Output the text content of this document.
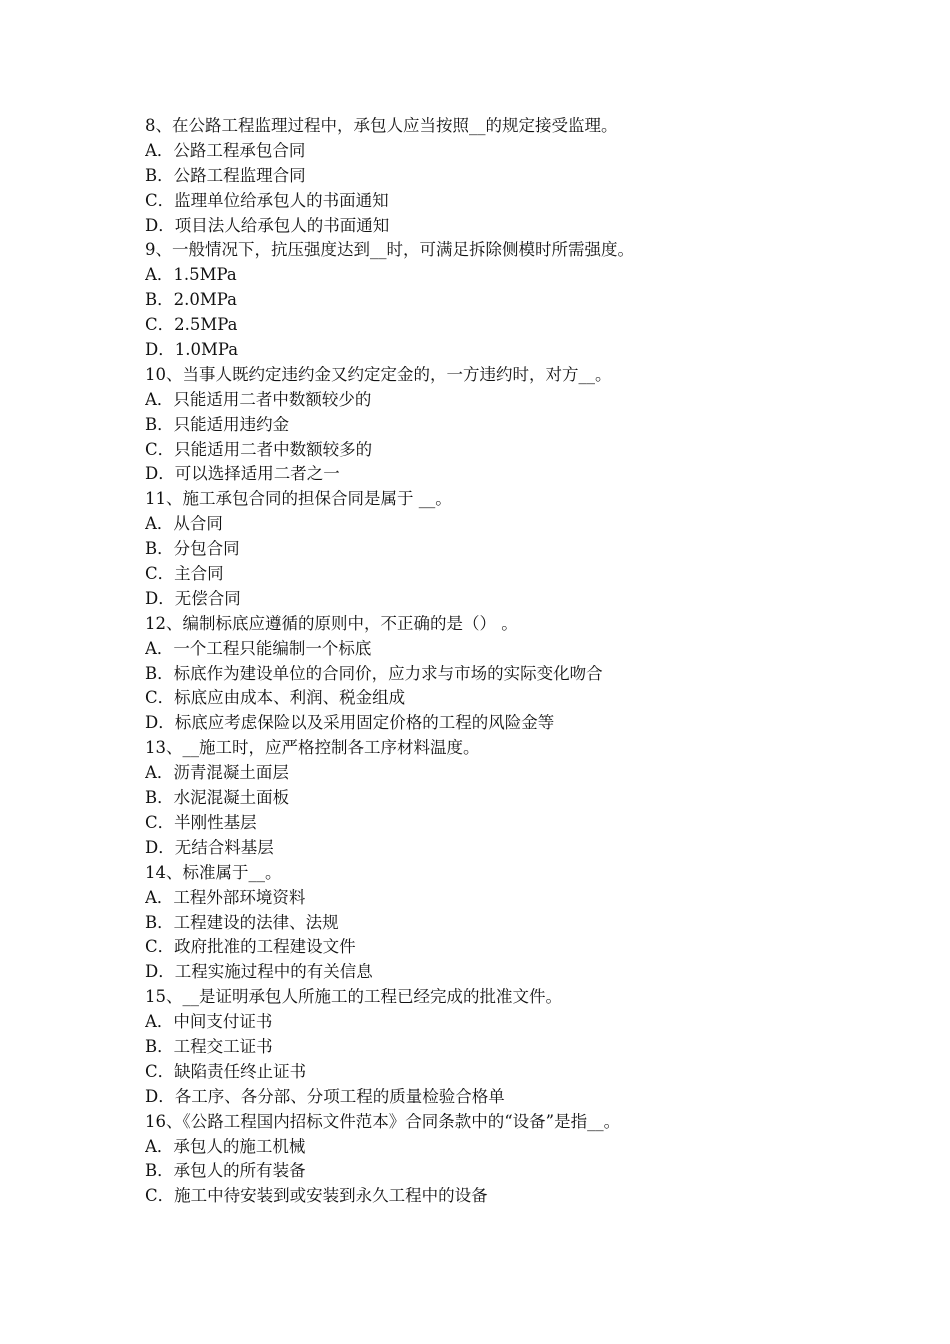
8、在公路工程监理过程中，承包人应当按照__的规定接受监理。
A．公路工程承包合同
B．公路工程监理合同
C．监理单位给承包人的书面通知
D．项目法人给承包人的书面通知
9、一般情况下，抗压强度达到__时，可满足拆除侧模时所需强度。
A．1.5MPa
B．2.0MPa
C．2.5MPa
D．1.0MPa
10、当事人既约定违约金又约定定金的，一方违约时，对方__。
A．只能适用二者中数额较少的
B．只能适用违约金
C．只能适用二者中数额较多的
D．可以选择适用二者之一
11、施工承包合同的担保合同是属于 __。
A．从合同
B．分包合同
C．主合同
D．无偿合同
12、编制标底应遵循的原则中，不正确的是（） 。
A．一个工程只能编制一个标底
B．标底作为建设单位的合同价，应力求与市场的实际变化吻合
C．标底应由成本、利润、税金组成
D．标底应考虑保险以及采用固定价格的工程的风险金等
13、__施工时，应严格控制各工序材料温度。
A．沥青混凝土面层
B．水泥混凝土面板
C．半刚性基层
D．无结合料基层
14、标准属于__。
A．工程外部环境资料
B．工程建设的法律、法规
C．政府批准的工程建设文件
D．工程实施过程中的有关信息
15、__是证明承包人所施工的工程已经完成的批准文件。
A．中间支付证书
B．工程交工证书
C．缺陷责任终止证书
D．各工序、各分部、分项工程的质量检验合格单
16、《公路工程国内招标文件范本》合同条款中的“设备”是指__。
A．承包人的施工机械
B．承包人的所有装备
C．施工中待安装到或安装到永久工程中的设备
